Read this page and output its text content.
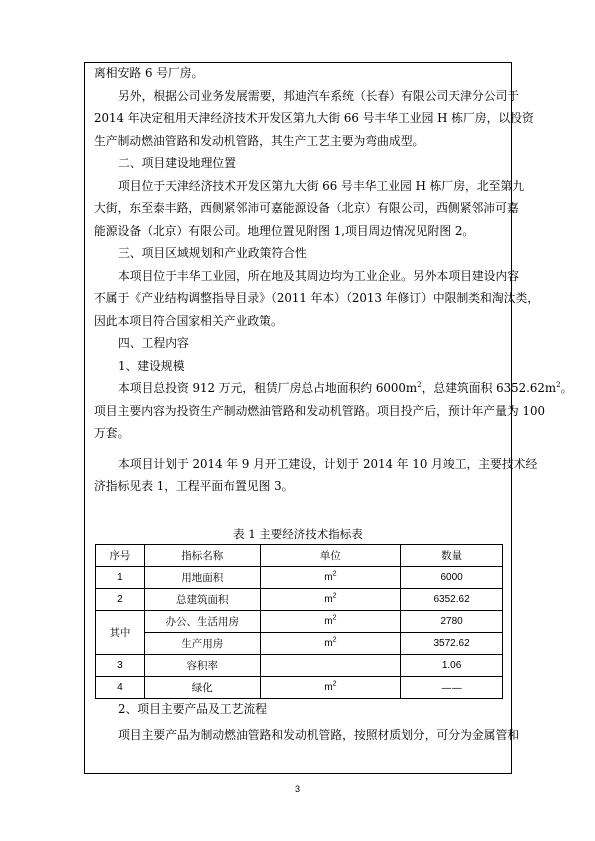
离相安路 6 号厂房。
另外，根据公司业务发展需要，邦迪汽车系统（长春）有限公司天津分公司于
2014 年决定租用天津经济技术开发区第九大街 66 号丰华工业园 H 栋厂房，以投资
生产制动燃油管路和发动机管路，其生产工艺主要为弯曲成型。
二、项目建设地理位置
项目位于天津经济技术开发区第九大街 66 号丰华工业园 H 栋厂房，北至第九
大街，东至泰丰路，西侧紧邻沛可嘉能源设备（北京）有限公司，西侧紧邻沛可嘉
能源设备（北京）有限公司。地理位置见附图 1,项目周边情况见附图 2。
三、项目区域规划和产业政策符合性
本项目位于丰华工业园，所在地及其周边均为工业企业。另外本项目建设内容
不属于《产业结构调整指导目录》（2011 年本）（2013 年修订）中限制类和淘汰类，
因此本项目符合国家相关产业政策。
四、工程内容
1、建设规模
本项目总投资 912 万元，租赁厂房总占地面积约 $6000m^2$，总建筑面积 $6352.62m^2$。
项目主要内容为投资生产制动燃油管路和发动机管路。项目投产后，预计年产量为 100
万套。
本项目计划于 2014 年 9 月开工建设，计划于 2014 年 10 月竣工，主要技术经
济指标见表 1，工程平面布置见图 3。
表 1 主要经济技术指标表
序号	指标名称	单位	数量
1	用地面积	$m^2$	6000
2	总建筑面积	$m^2$	6352.62
其中	办公、生活用房	$m^2$	2780
	生产用房	$m^2$	3572.62
3	容积率		1.06
4	绿化	$m^2$	——
2、项目主要产品及工艺流程
项目主要产品为制动燃油管路和发动机管路，按照材质划分，可分为金属管和
3
